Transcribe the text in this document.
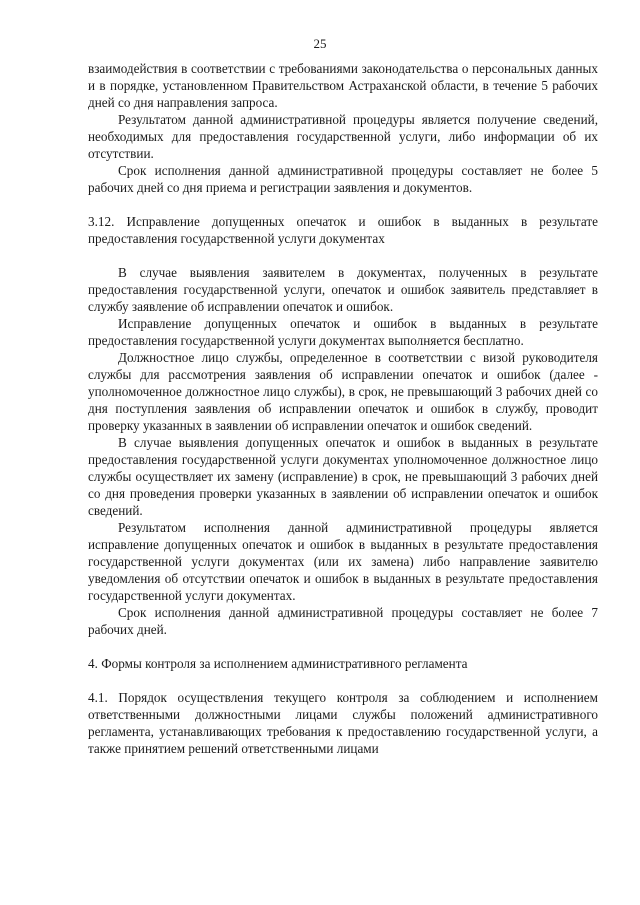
25

взаимодействия в соответствии с требованиями законодательства о персональных данных и в порядке, установленном Правительством Астраханской области, в течение 5 рабочих дней со дня направления запроса.

Результатом данной административной процедуры является получение сведений, необходимых для предоставления государственной услуги, либо информации об их отсутствии.

Срок исполнения данной административной процедуры составляет не более 5 рабочих дней со дня приема и регистрации заявления и документов.

3.12. Исправление допущенных опечаток и ошибок в выданных в результате предоставления государственной услуги документах

В случае выявления заявителем в документах, полученных в результате предоставления государственной услуги, опечаток и ошибок заявитель представляет в службу заявление об исправлении опечаток и ошибок.

Исправление допущенных опечаток и ошибок в выданных в результате предоставления государственной услуги документах выполняется бесплатно.

Должностное лицо службы, определенное в соответствии с визой руководителя службы для рассмотрения заявления об исправлении опечаток и ошибок (далее - уполномоченное должностное лицо службы), в срок, не превышающий 3 рабочих дней со дня поступления заявления об исправлении опечаток и ошибок в службу, проводит проверку указанных в заявлении об исправлении опечаток и ошибок сведений.

В случае выявления допущенных опечаток и ошибок в выданных в результате предоставления государственной услуги документах уполномоченное должностное лицо службы осуществляет их замену (исправление) в срок, не превышающий 3 рабочих дней со дня проведения проверки указанных в заявлении об исправлении опечаток и ошибок сведений.

Результатом исполнения данной административной процедуры является исправление допущенных опечаток и ошибок в выданных в результате предоставления государственной услуги документах (или их замена) либо направление заявителю уведомления об отсутствии опечаток и ошибок в выданных в результате предоставления государственной услуги документах.

Срок исполнения данной административной процедуры составляет не более 7 рабочих дней.

4. Формы контроля за исполнением административного регламента

4.1. Порядок осуществления текущего контроля за соблюдением и исполнением ответственными должностными лицами службы положений административного регламента, устанавливающих требования к предоставлению государственной услуги, а также принятием решений ответственными лицами
